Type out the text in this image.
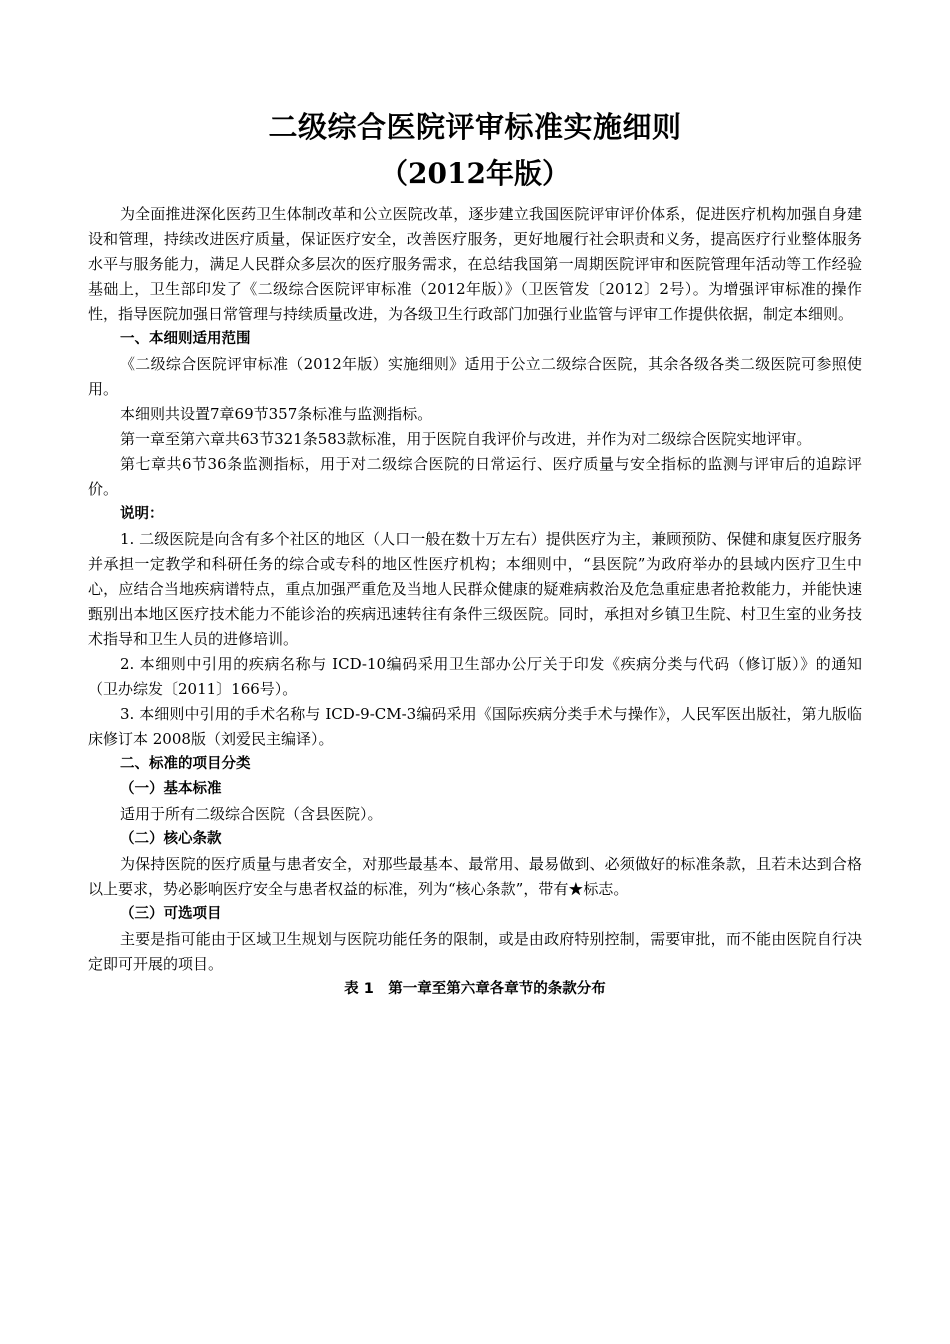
二级综合医院评审标准实施细则
（2012年版）

为全面推进深化医药卫生体制改革和公立医院改革，逐步建立我国医院评审评价体系，促进医疗机构加强自身建设和管理，持续改进医疗质量，保证医疗安全，改善医疗服务，更好地履行社会职责和义务，提高医疗行业整体服务水平与服务能力，满足人民群众多层次的医疗服务需求，在总结我国第一周期医院评审和医院管理年活动等工作经验基础上，卫生部印发了《二级综合医院评审标准（2012年版）》（卫医管发〔2012〕2号）。为增强评审标准的操作性，指导医院加强日常管理与持续质量改进，为各级卫生行政部门加强行业监管与评审工作提供依据，制定本细则。

一、本细则适用范围

《二级综合医院评审标准（2012年版）实施细则》适用于公立二级综合医院，其余各级各类二级医院可参照使用。

本细则共设置7章69节357条标准与监测指标。

第一章至第六章共63节321条583款标准，用于医院自我评价与改进，并作为对二级综合医院实地评审。

第七章共6节36条监测指标，用于对二级综合医院的日常运行、医疗质量与安全指标的监测与评审后的追踪评价。

说明：

1. 二级医院是向含有多个社区的地区（人口一般在数十万左右）提供医疗为主，兼顾预防、保健和康复医疗服务并承担一定教学和科研任务的综合或专科的地区性医疗机构；本细则中，“县医院”为政府举办的县域内医疗卫生中心，应结合当地疾病谱特点，重点加强严重危及当地人民群众健康的疑难病救治及危急重症患者抢救能力，并能快速甄别出本地区医疗技术能力不能诊治的疾病迅速转往有条件三级医院。同时，承担对乡镇卫生院、村卫生室的业务技术指导和卫生人员的进修培训。

2. 本细则中引用的疾病名称与 ICD-10编码采用卫生部办公厅关于印发《疾病分类与代码（修订版）》的通知（卫办综发〔2011〕166号）。

3. 本细则中引用的手术名称与 ICD-9-CM-3编码采用《国际疾病分类手术与操作》，人民军医出版社，第九版临床修订本 2008版（刘爱民主编译）。

二、标准的项目分类

（一）基本标准

适用于所有二级综合医院（含县医院）。

（二）核心条款

为保持医院的医疗质量与患者安全，对那些最基本、最常用、最易做到、必须做好的标准条款，且若未达到合格以上要求，势必影响医疗安全与患者权益的标准，列为“核心条款”，带有★标志。

（三）可选项目

主要是指可能由于区域卫生规划与医院功能任务的限制，或是由政府特别控制，需要审批，而不能由医院自行决定即可开展的项目。

表 1　第一章至第六章各章节的条款分布
